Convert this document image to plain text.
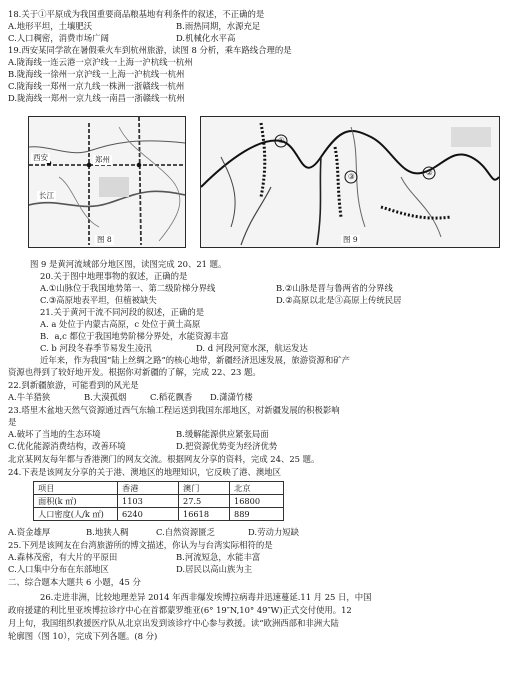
18.关于①平原成为我国重要商品粮基地有利条件的叙述，不正确的是
A.地形平坦，土壤肥沃	B.雨热同期，水源充足
C.人口稠密，消费市场广阔	D.机械化水平高
19.西安某同学欲在暑假乘火车到杭州旅游，读图 8 分析，乘车路线合理的是
A.陇海线一连云港一京沪线一上海一沪杭线一杭州
B.陇海线一徐州一京沪线一上海一沪杭线一杭州
C.陇海线一郑州一京九线一株洲一浙赣线一杭州
D.陇海线一郑州一京九线一南昌一浙赣线一杭州
西安	郑州
长江
图 8
①
②
③
图 9
图 9 是黄河流域部分地区图，读图完成 20、21 题。
20.关于图中地理事物的叙述，正确的是
A.①山脉位于我国地势第一、第二级阶梯分界线	B.②山脉是晋与鲁两省的分界线
C.③高原地表平坦，但植被缺失	D.②高原以北是③高原上传统民居
21.关于黄河干流不同河段的叙述，正确的是
A. a 处位于内蒙古高原，c 处位于黄土高原
B．a,c 都位于我国地势阶梯分界处，水能资源丰富
C. b 河段冬春季节易发生凌汛	D. d 河段河宽水深，航运发达
近年来，作为我国“陆上丝绸之路”的核心地带，新疆经济迅速发展，旅游资源和矿产
资源也得到了较好地开发。根据你对新疆的了解，完成 22、23 题。
22.到新疆旅游，可能看到的风光是
A.牛羊猎狭	B.大漠孤烟	C.稻花飘香 D.潇潇竹楼
23.塔里木盆地天然气资源通过西气东输工程运送到我国东部地区，对新疆发展的积极影响
是
A.破坏了当地的生态环境	B.缓解能源供应紧张局面
C.优化能源消费结构，改善环境	D.把资源优势变为经济优势
北京某网友每年都与香港澳门的网友交流。根据网友分享的资料，完成 24、25 题。
24.下表是该网友分享的关于港、澳地区的地理知识，它反映了港、澳地区
项目	香港	澳门	北京
面积(k ㎡)	1103	27.5	16800
人口密度(人/k ㎡)	6240	16618	889
A.资金雄厚	B.地狭人稠	C.自然资源匮乏	D.劳动力短缺
25.下列是该网友在台湾旅游所的博文描述，你认为与台湾实际相符的是
A.森林茂密，有大片的平原田	B.河流短急，水能丰富
C.人口集中分布在东部地区	D.居民以高山族为主
二、综合题本大题共 6 小题，45 分
26.走进非洲，比较地理差异 2014 年西非爆发埃博拉病毒并迅速蔓延.11 月 25 日，中国
政府援建的利比里亚埃博拉诊疗中心在首都蒙罗维亚(6° 19″N,10° 49″W)正式交付使用。12
月上旬，我国组织救援医疗队从北京出发到该诊疗中心参与救援。读“欧洲西部和非洲大陆
轮廓图（图 10），完成下列各题。(8 分)
